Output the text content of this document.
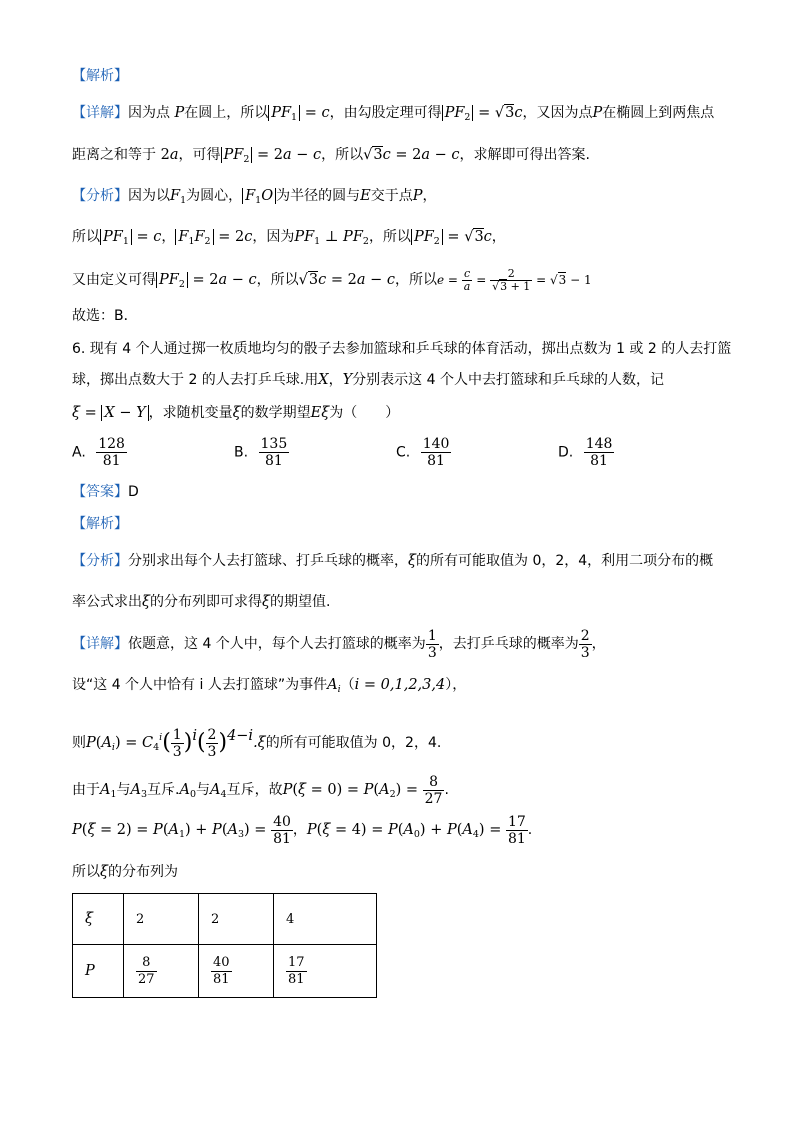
【解析】
【详解】因为点 P在圆上，所以 $PF_1 = c$，由勾股定理可得 $PF_2 = √3c$，又因为点P在椭圆上到两焦点
距离之和等于 2a，可得 $PF_2 = 2a - c$，所以√3c = 2a − c，求解即可得出答案.
【分析】因为以$F_1$为圆心， $F_1O$ 为半径的圆与E交于点P，
所以 $PF_1 = c$， $F_1F_2 = 2c$，因为$PF_1$ ⊥ $PF_2$，所以 $PF_2 = √3c$，
又由定义可得 $PF_2 = 2a - c$，所以√3c = 2a − c，所以$e = \frac{c}{a} = \frac{2}{√3 + 1} = √3 - 1$
故选：B．
6. 现有 4 个人通过掷一枚质地均匀的骰子去参加篮球和乒乓球的体育活动，掷出点数为 1 或 2 的人去打篮
球，掷出点数大于 2 的人去打乒乓球.用X，Y分别表示这 4 个人中去打篮球和乒乓球的人数，记
ξ = X − Y ，求随机变量ξ的数学期望Eξ为（　　）
A. $\frac{128}{81}$	B. $\frac{135}{81}$	C. $\frac{140}{81}$	D. $\frac{148}{81}$
【答案】D
【解析】
【分析】分别求出每个人去打篮球、打乒乓球的概率，ξ的所有可能取值为 0，2，4，利用二项分布的概
率公式求出ξ的分布列即可求得ξ的期望值.
【详解】依题意，这 4 个人中，每个人去打篮球的概率为 $\frac{1}{3}$ ，去打乒乓球的概率为 $\frac{2}{3}$ ，
设“这 4 个人中恰有 i 人去打篮球”为事件$A_i(i = 0,1,2,3,4)$，
则$P(A_i) = C_4^i( \frac{1}{3} )^i( \frac{2}{3} )^{4-i}.\xi$的所有可能取值为 0，2，4.
由于$A_1$与$A_3$互斥$.A_0$与$A_4$互斥，故$P(\xi = 0) = P(A_2) = \frac{8}{27}$ .
$P(\xi = 2) = P(A_1) + P(A_3) = \frac{40}{81}$ ，$P(\xi = 4) = P(A_0) + P(A_4) = \frac{17}{81}$ .
所以ξ的分布列为
ξ	2	2	4
P	$\frac{8}{27}$	$\frac{40}{81}$	$\frac{17}{81}$
